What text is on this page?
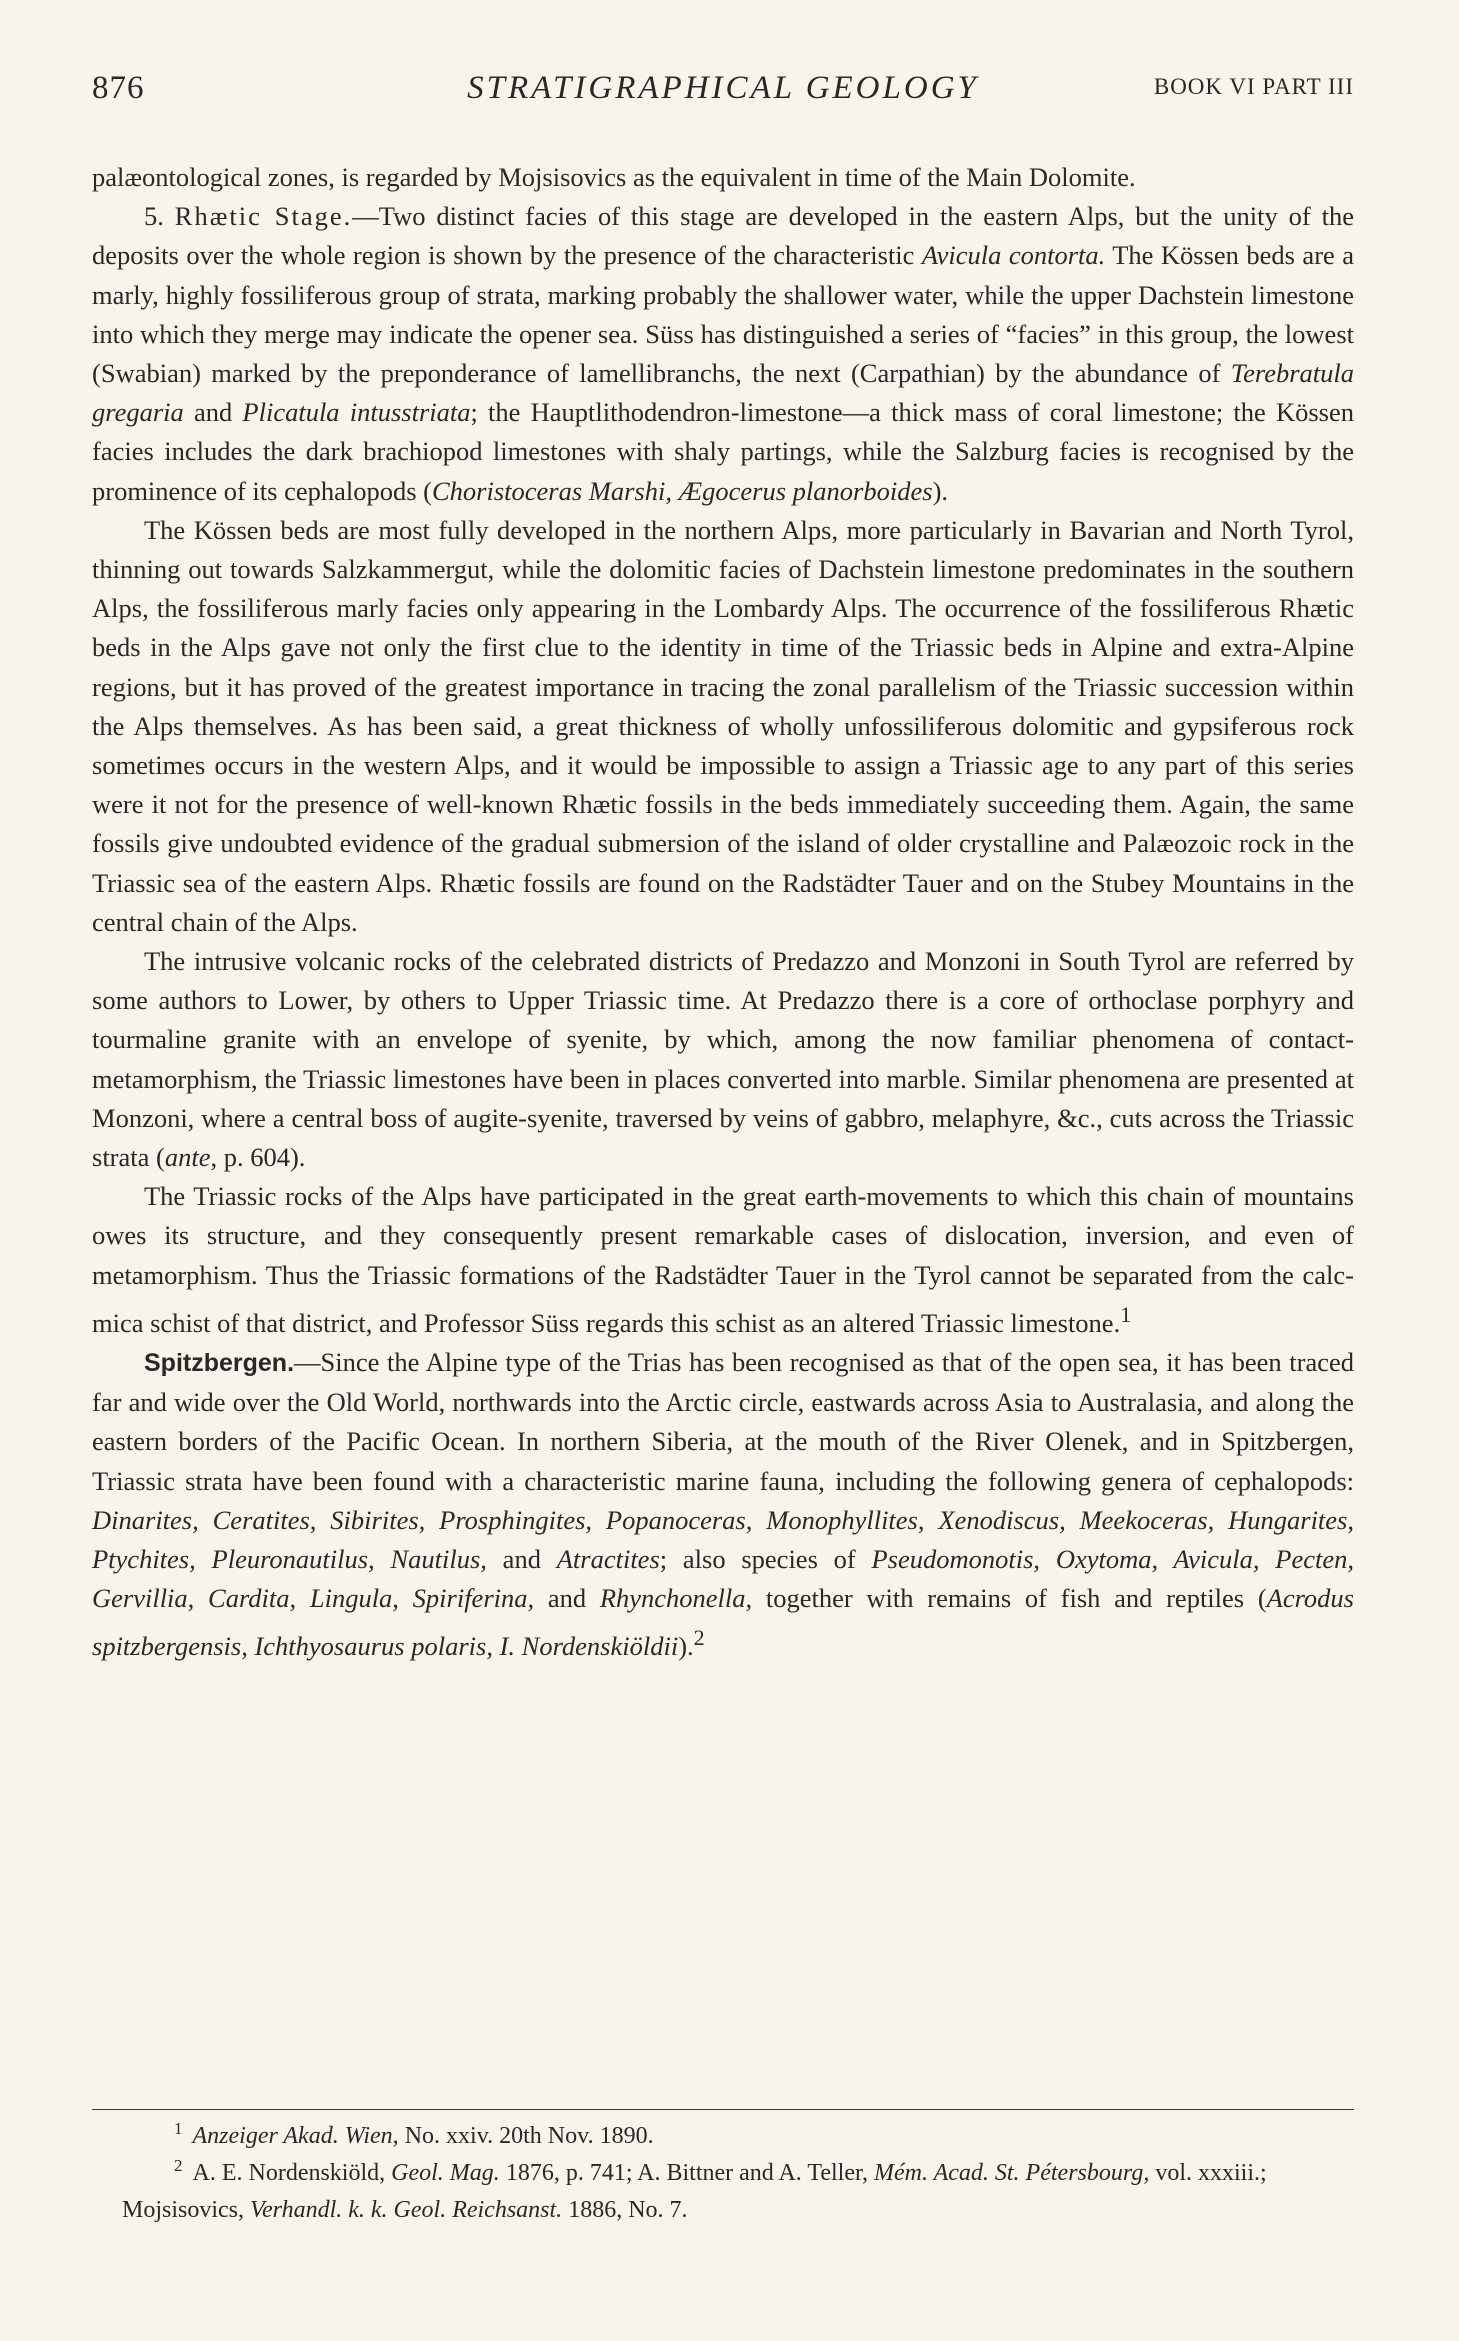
876	STRATIGRAPHICAL GEOLOGY	BOOK VI PART III

palæontological zones, is regarded by Mojsisovics as the equivalent in time of the Main Dolomite.

5. Rhætic Stage.—Two distinct facies of this stage are developed in the eastern Alps, but the unity of the deposits over the whole region is shown by the presence of the characteristic Avicula contorta. The Kössen beds are a marly, highly fossiliferous group of strata, marking probably the shallower water, while the upper Dachstein limestone into which they merge may indicate the opener sea. Süss has distinguished a series of “facies” in this group, the lowest (Swabian) marked by the preponderance of lamellibranchs, the next (Carpathian) by the abundance of Terebratula gregaria and Plicatula intusstriata; the Hauptlithodendron-limestone—a thick mass of coral limestone; the Kössen facies includes the dark brachiopod limestones with shaly partings, while the Salzburg facies is recognised by the prominence of its cephalopods (Choristoceras Marshi, Ægocerus planorboides).

The Kössen beds are most fully developed in the northern Alps, more particularly in Bavarian and North Tyrol, thinning out towards Salzkammergut, while the dolomitic facies of Dachstein limestone predominates in the southern Alps, the fossiliferous marly facies only appearing in the Lombardy Alps. The occurrence of the fossiliferous Rhætic beds in the Alps gave not only the first clue to the identity in time of the Triassic beds in Alpine and extra-Alpine regions, but it has proved of the greatest importance in tracing the zonal parallelism of the Triassic succession within the Alps themselves. As has been said, a great thickness of wholly unfossiliferous dolomitic and gypsiferous rock sometimes occurs in the western Alps, and it would be impossible to assign a Triassic age to any part of this series were it not for the presence of well-known Rhætic fossils in the beds immediately succeeding them. Again, the same fossils give undoubted evidence of the gradual submersion of the island of older crystalline and Palæozoic rock in the Triassic sea of the eastern Alps. Rhætic fossils are found on the Radstädter Tauer and on the Stubey Mountains in the central chain of the Alps.

The intrusive volcanic rocks of the celebrated districts of Predazzo and Monzoni in South Tyrol are referred by some authors to Lower, by others to Upper Triassic time. At Predazzo there is a core of orthoclase porphyry and tourmaline granite with an envelope of syenite, by which, among the now familiar phenomena of contact-metamorphism, the Triassic limestones have been in places converted into marble. Similar phenomena are presented at Monzoni, where a central boss of augite-syenite, traversed by veins of gabbro, melaphyre, &c., cuts across the Triassic strata (ante, p. 604).

The Triassic rocks of the Alps have participated in the great earth-movements to which this chain of mountains owes its structure, and they consequently present remarkable cases of dislocation, inversion, and even of metamorphism. Thus the Triassic formations of the Radstädter Tauer in the Tyrol cannot be separated from the calc-mica schist of that district, and Professor Süss regards this schist as an altered Triassic limestone.$^1$

Spitzbergen.—Since the Alpine type of the Trias has been recognised as that of the open sea, it has been traced far and wide over the Old World, northwards into the Arctic circle, eastwards across Asia to Australasia, and along the eastern borders of the Pacific Ocean. In northern Siberia, at the mouth of the River Olenek, and in Spitzbergen, Triassic strata have been found with a characteristic marine fauna, including the following genera of cephalopods: Dinarites, Ceratites, Sibirites, Prosphingites, Popanoceras, Monophyllites, Xenodiscus, Meekoceras, Hungarites, Ptychites, Pleuronautilus, Nautilus, and Atractites; also species of Pseudomonotis, Oxytoma, Avicula, Pecten, Gervillia, Cardita, Lingula, Spiriferina, and Rhynchonella, together with remains of fish and reptiles (Acrodus spitzbergensis, Ichthyosaurus polaris, I. Nordenskiöldii).$^2$

$^1$ Anzeiger Akad. Wien, No. xxiv. 20th Nov. 1890.

$^2$ A. E. Nordenskiöld, Geol. Mag. 1876, p. 741; A. Bittner and A. Teller, Mém. Acad. St. Pétersbourg, vol. xxxiii.; Mojsisovics, Verhandl. k. k. Geol. Reichsanst. 1886, No. 7.
